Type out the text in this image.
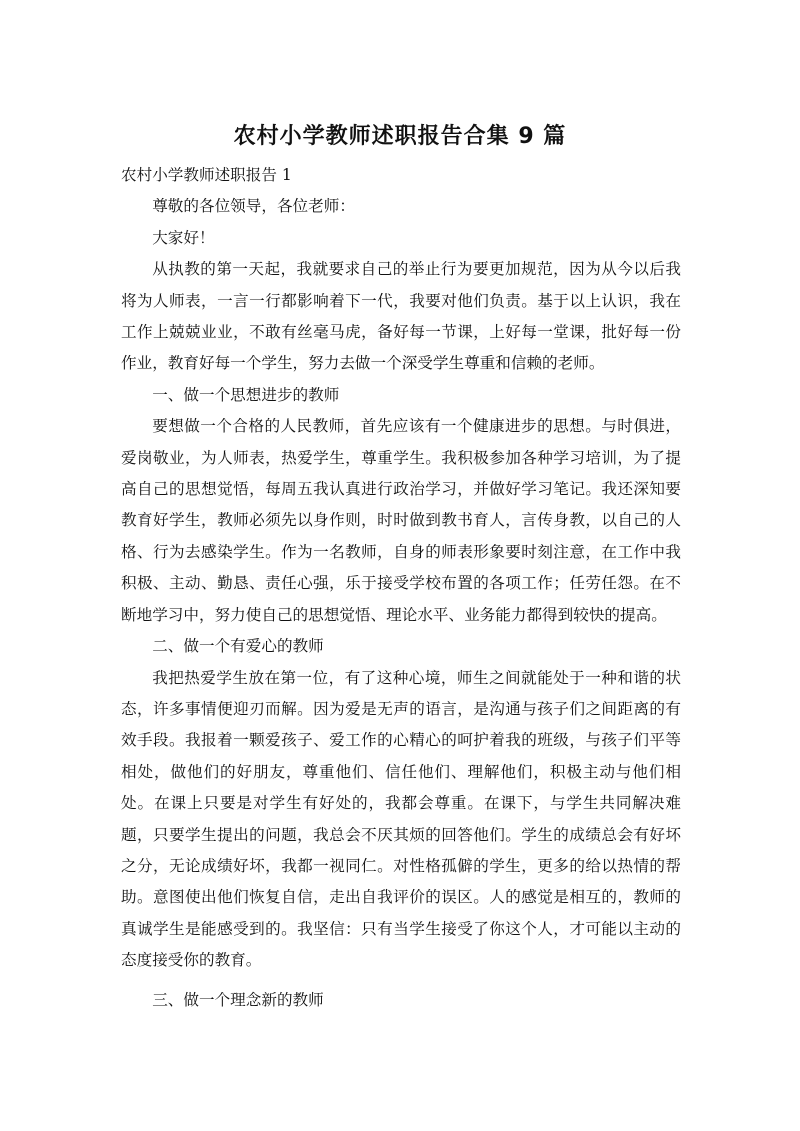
农村小学教师述职报告合集 9 篇

农村小学教师述职报告 1

尊敬的各位领导，各位老师：

大家好！

从执教的第一天起，我就要求自己的举止行为要更加规范，因为从今以后我将为人师表，一言一行都影响着下一代，我要对他们负责。基于以上认识，我在工作上兢兢业业，不敢有丝毫马虎，备好每一节课，上好每一堂课，批好每一份作业，教育好每一个学生，努力去做一个深受学生尊重和信赖的老师。

一、做一个思想进步的教师

要想做一个合格的人民教师，首先应该有一个健康进步的思想。与时俱进，爱岗敬业，为人师表，热爱学生，尊重学生。我积极参加各种学习培训，为了提高自己的思想觉悟，每周五我认真进行政治学习，并做好学习笔记。我还深知要教育好学生，教师必须先以身作则，时时做到教书育人，言传身教，以自己的人格、行为去感染学生。作为一名教师，自身的师表形象要时刻注意，在工作中我积极、主动、勤恳、责任心强，乐于接受学校布置的各项工作；任劳任怨。在不断地学习中，努力使自己的思想觉悟、理论水平、业务能力都得到较快的提高。

二、做一个有爱心的教师

我把热爱学生放在第一位，有了这种心境，师生之间就能处于一种和谐的状态，许多事情便迎刃而解。因为爱是无声的语言，是沟通与孩子们之间距离的有效手段。我报着一颗爱孩子、爱工作的心精心的呵护着我的班级，与孩子们平等相处，做他们的好朋友，尊重他们、信任他们、理解他们，积极主动与他们相处。在课上只要是对学生有好处的，我都会尊重。在课下，与学生共同解决难题，只要学生提出的问题，我总会不厌其烦的回答他们。学生的成绩总会有好坏之分，无论成绩好坏，我都一视同仁。对性格孤僻的学生，更多的给以热情的帮助。意图使出他们恢复自信，走出自我评价的误区。人的感觉是相互的，教师的真诚学生是能感受到的。我坚信：只有当学生接受了你这个人，才可能以主动的态度接受你的教育。

三、做一个理念新的教师
